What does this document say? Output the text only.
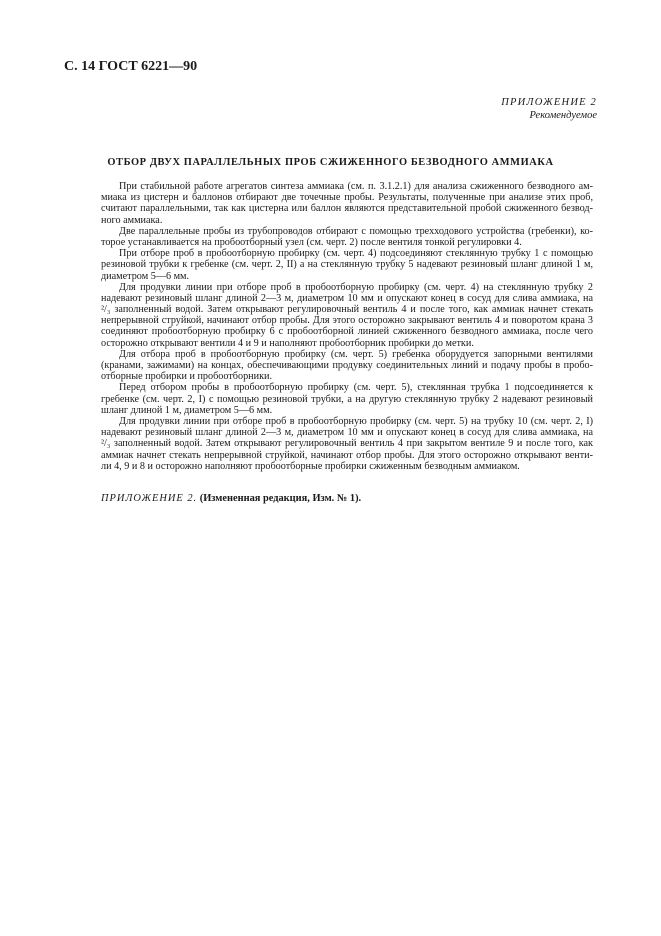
С. 14 ГОСТ 6221—90
ПРИЛОЖЕНИЕ 2
Рекомендуемое
ОТБОР ДВУХ ПАРАЛЛЕЛЬНЫХ ПРОБ СЖИЖЕННОГО БЕЗВОДНОГО АММИАКА
При стабильной работе агрегатов синтеза аммиака (см. п. 3.1.2.1) для анализа сжиженного безводного ам-
миака из цистерн и баллонов отбирают две точечные пробы. Результаты, полученные при анализе этих проб,
считают параллельными, так как цистерна или баллон являются представительной пробой сжиженного безвод-
ного аммиака.
Две параллельные пробы из трубопроводов отбирают с помощью трехходового устройства (гребенки), ко-
торое устанавливается на пробоотборный узел (см. черт. 2) после вентиля тонкой регулировки 4.
При отборе проб в пробоотборную пробирку (см. черт. 4) подсоединяют стеклянную трубку 1 с помощью
резиновой трубки к гребенке (см. черт. 2, II) а на стеклянную трубку 5 надевают резиновый шланг длиной 1 м,
диаметром 5—6 мм.
Для продувки линии при отборе проб в пробоотборную пробирку (см. черт. 4) на стеклянную трубку 2
надевают резиновый шланг длиной 2—3 м, диаметром 10 мм и опускают конец в сосуд для слива аммиака, на
²/₃ заполненный водой. Затем открывают регулировочный вентиль 4 и после того, как аммиак начнет стекать
непрерывной струйкой, начинают отбор пробы. Для этого осторожно закрывают вентиль 4 и поворотом крана 3
соединяют пробоотборную пробирку 6 с пробоотборной линией сжиженного безводного аммиака, после чего
осторожно открывают вентили 4 и 9 и наполняют пробоотборник пробирки до метки.
Для отбора проб в пробоотборную пробирку (см. черт. 5) гребенка оборудуется запорными вентилями
(кранами, зажимами) на концах, обеспечивающими продувку соединительных линий и подачу пробы в пробо-
отборные пробирки и пробоотборники.
Перед отбором пробы в пробоотборную пробирку (см. черт. 5), стеклянная трубка 1 подсоединяется к
гребенке (см. черт. 2, I) с помощью резиновой трубки, а на другую стеклянную трубку 2 надевают резиновый
шланг длиной 1 м, диаметром 5—6 мм.
Для продувки линии при отборе проб в пробоотборную пробирку (см. черт. 5) на трубку 10 (см. черт. 2, I)
надевают резиновый шланг длиной 2—3 м, диаметром 10 мм и опускают конец в сосуд для слива аммиака, на
²/₃ заполненный водой. Затем открывают регулировочный вентиль 4 при закрытом вентиле 9 и после того, как
аммиак начнет стекать непрерывной струйкой, начинают отбор пробы. Для этого осторожно открывают венти-
ли 4, 9 и 8 и осторожно наполняют пробоотборные пробирки сжиженным безводным аммиаком.
ПРИЛОЖЕНИЕ 2. (Измененная редакция, Изм. № 1).
